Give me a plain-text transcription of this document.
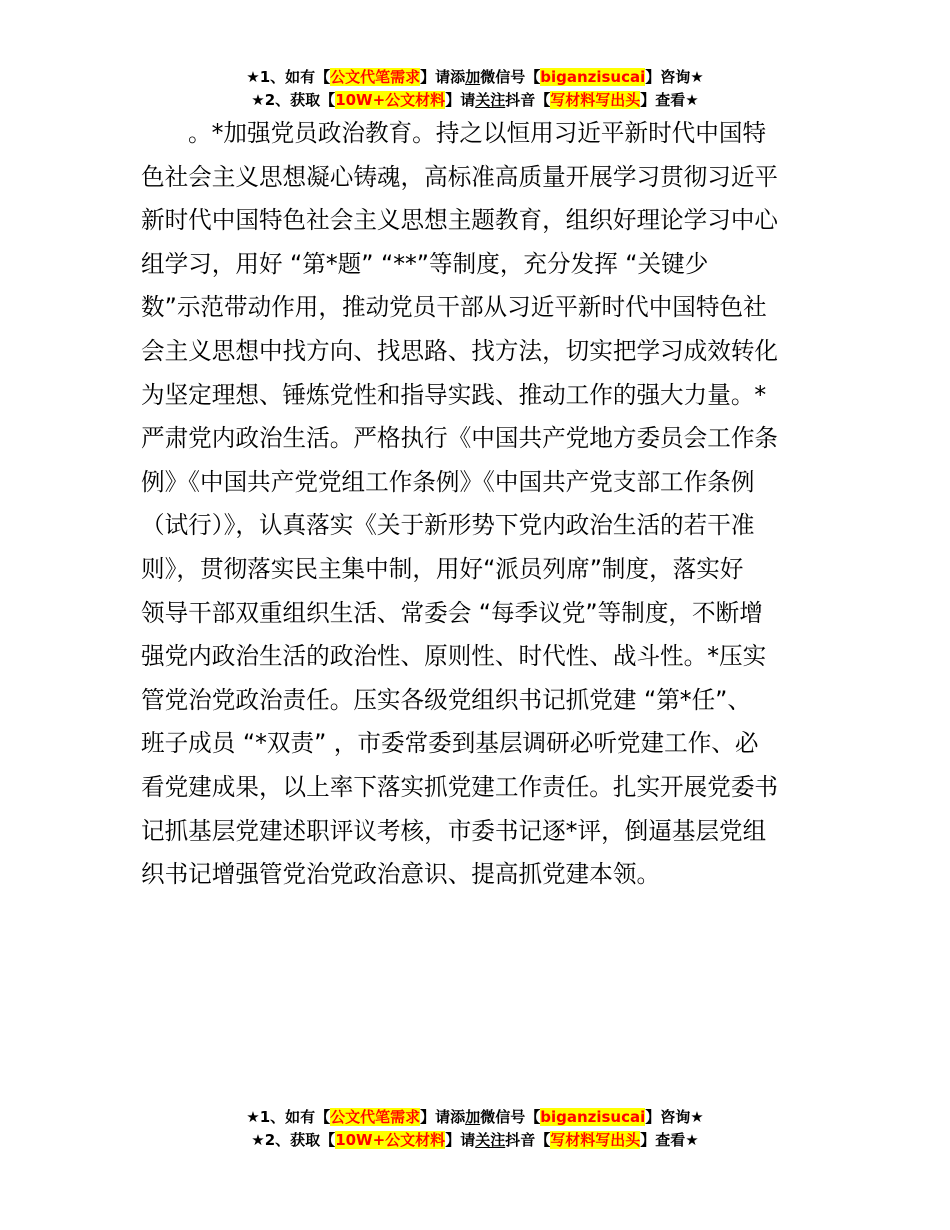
★1、如有【公文代笔需求】请添加微信号【biganzisucai】咨询★
★2、获取【10W+公文材料】请关注抖音【写材料写出头】查看★
。*加强党员政治教育。持之以恒用习近平新时代中国特
色社会主义思想凝心铸魂，高标准高质量开展学习贯彻习近平
新时代中国特色社会主义思想主题教育，组织好理论学习中心
组学习，用好 “第*题” “**”等制度，充分发挥 “关键少
数”示范带动作用，推动党员干部从习近平新时代中国特色社
会主义思想中找方向、找思路、找方法，切实把学习成效转化
为坚定理想、锤炼党性和指导实践、推动工作的强大力量。*
严肃党内政治生活。严格执行《中国共产党地方委员会工作条
例》《中国共产党党组工作条例》《中国共产党支部工作条例
（试行）》，认真落实《关于新形势下党内政治生活的若干准
则》，贯彻落实民主集中制，用好“派员列席”制度，落实好
领导干部双重组织生活、常委会 “每季议党”等制度，不断增
强党内政治生活的政治性、原则性、时代性、战斗性。*压实
管党治党政治责任。压实各级党组织书记抓党建 “第*任”、
班子成员 “*双责” ，市委常委到基层调研必听党建工作、必
看党建成果，以上率下落实抓党建工作责任。扎实开展党委书
记抓基层党建述职评议考核，市委书记逐*评，倒逼基层党组
织书记增强管党治党政治意识、提高抓党建本领。
★1、如有【公文代笔需求】请添加微信号【biganzisucai】咨询★
★2、获取【10W+公文材料】请关注抖音【写材料写出头】查看★
